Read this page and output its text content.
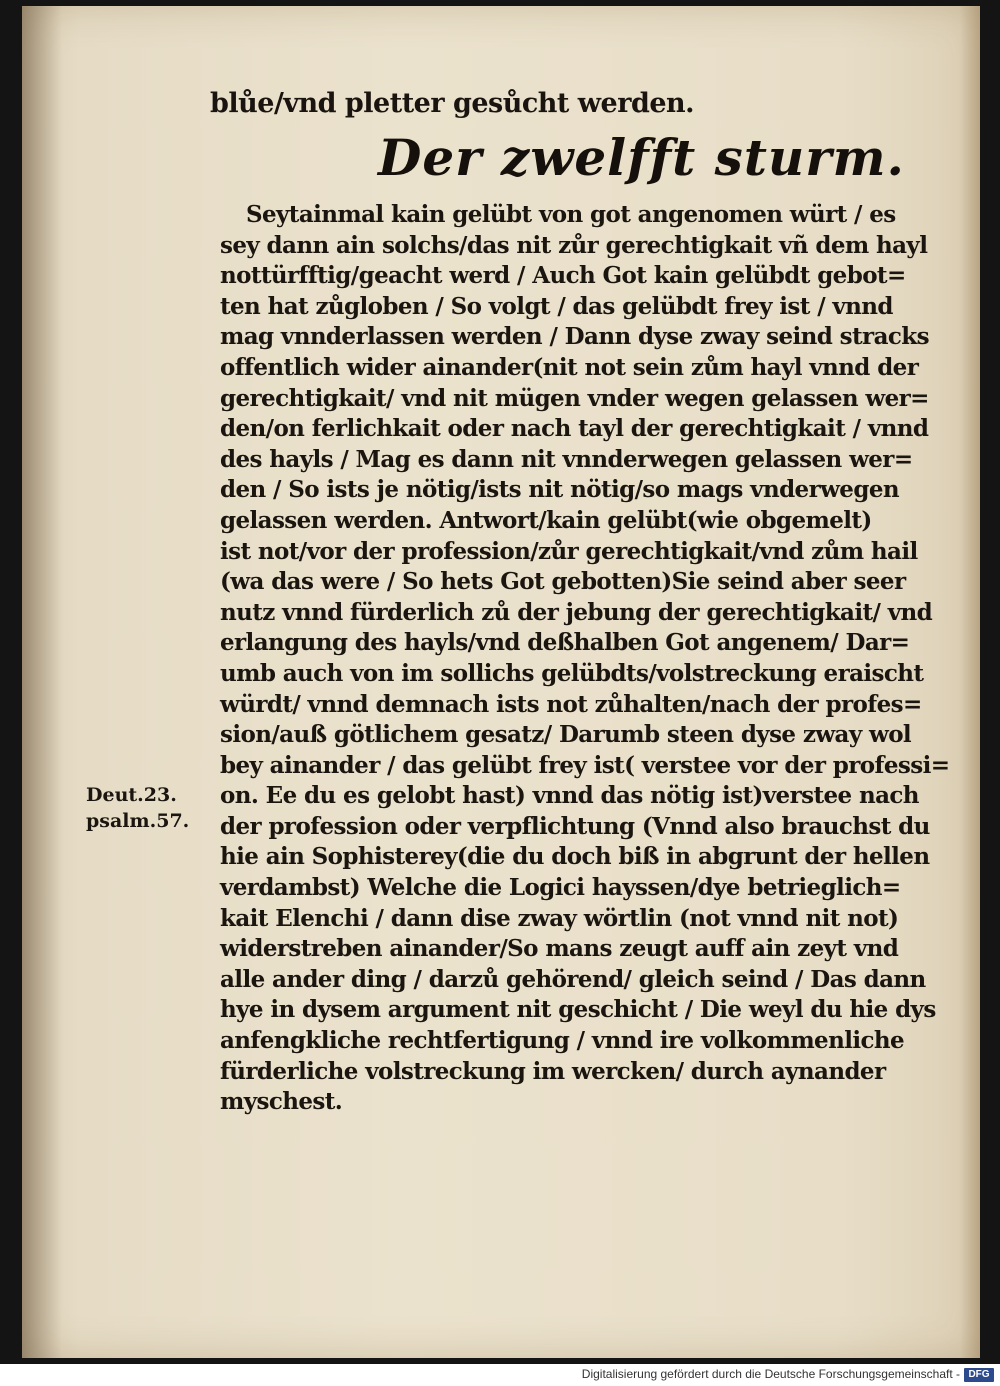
blůe/vnd pletter gesůcht werden.
Der zwelfft sturm.
Seytainmal kain gelübt von got angenomen würt / es
sey dann ain solchs/das nit zůr gerechtigkait vñ dem hayl
nottürfftig/geacht werd / Auch Got kain gelübdt gebot=
ten hat zůgloben / So volgt / das gelübdt frey ist / vnnd
mag vnnderlassen werden / Dann dyse zway seind stracks
offentlich wider ainander(nit not sein zům hayl vnnd der
gerechtigkait/ vnd nit mügen vnder wegen gelassen wer=
den/on ferlichkait oder nach tayl der gerechtigkait / vnnd
des hayls / Mag es dann nit vnnderwegen gelassen wer=
den / So ists je nötig/ists nit nötig/so mags vnderwegen
gelassen werden. Antwort/kain gelübt(wie obgemelt)
ist not/vor der profession/zůr gerechtigkait/vnd zům hail
(wa das were / So hets Got gebotten)Sie seind aber seer
nutz vnnd fürderlich zů der jebung der gerechtigkait/ vnd
erlangung des hayls/vnd deßhalben Got angenem/ Dar=
umb auch von im sollichs gelübdts/volstreckung eraischt
würdt/ vnnd demnach ists not zůhalten/nach der profes=
sion/auß götlichem gesatz/ Darumb steen dyse zway wol
bey ainander / das gelübt frey ist( verstee vor der professi=
on. Ee du es gelobt hast) vnnd das nötig ist)verstee nach
der profession oder verpflichtung (Vnnd also brauchst du
hie ain Sophisterey(die du doch biß in abgrunt der hellen
verdambst) Welche die Logici hayssen/dye betrieglich=
kait Elenchi / dann dise zway wörtlin (not vnnd nit not)
widerstreben ainander/So mans zeugt auff ain zeyt vnd
alle ander ding / darzů gehörend/ gleich seind / Das dann
hye in dysem argument nit geschicht / Die weyl du hie dys
anfengkliche rechtfertigung / vnnd ire volkommenliche
fürderliche volstreckung im wercken/ durch aynander
myschest.
Deut.23.
psalm.57.
Digitalisierung gefördert durch die Deutsche Forschungsgemeinschaft - DFG
